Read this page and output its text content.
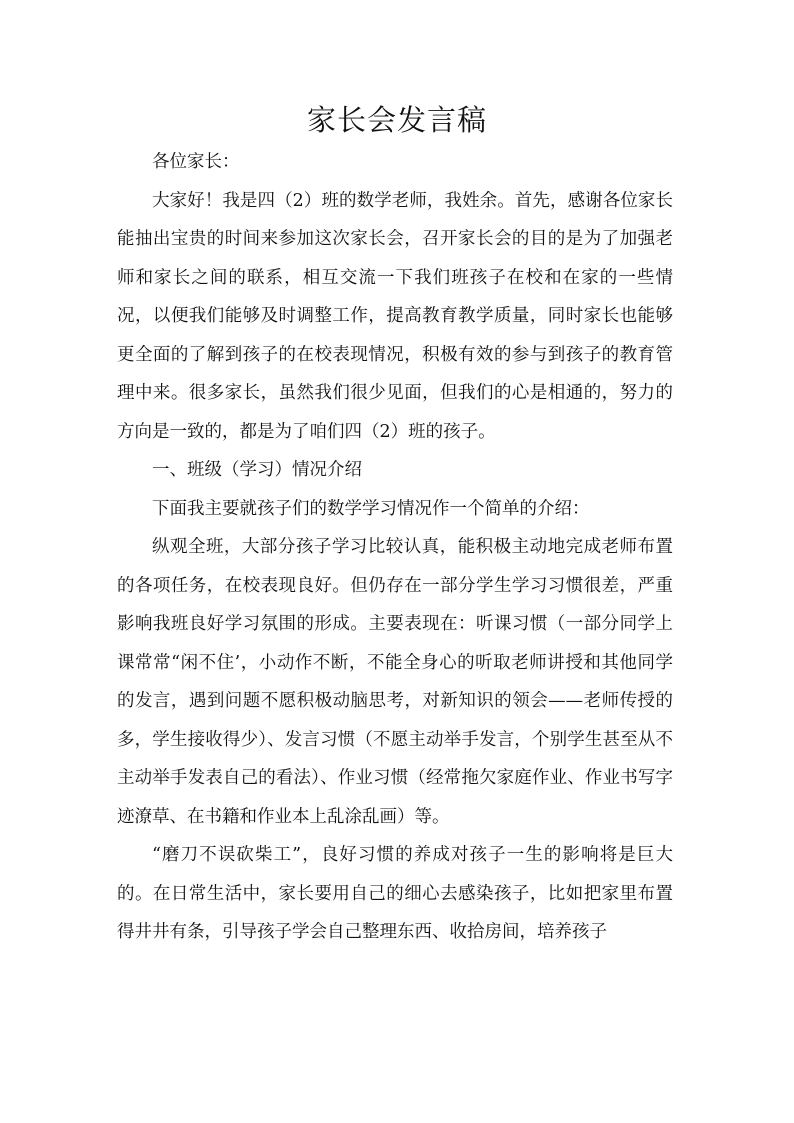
家长会发言稿

各位家长：

大家好！我是四（2）班的数学老师，我姓余。首先，感谢各位家长能抽出宝贵的时间来参加这次家长会，召开家长会的目的是为了加强老师和家长之间的联系，相互交流一下我们班孩子在校和在家的一些情况，以便我们能够及时调整工作，提高教育教学质量，同时家长也能够更全面的了解到孩子的在校表现情况，积极有效的参与到孩子的教育管理中来。很多家长，虽然我们很少见面，但我们的心是相通的，努力的方向是一致的，都是为了咱们四（2）班的孩子。

一、班级（学习）情况介绍

下面我主要就孩子们的数学学习情况作一个简单的介绍：

纵观全班，大部分孩子学习比较认真，能积极主动地完成老师布置的各项任务，在校表现良好。但仍存在一部分学生学习习惯很差，严重影响我班良好学习氛围的形成。主要表现在：听课习惯（一部分同学上课常常“闲不住’，小动作不断，不能全身心的听取老师讲授和其他同学的发言，遇到问题不愿积极动脑思考，对新知识的领会——老师传授的多，学生接收得少）、发言习惯（不愿主动举手发言，个别学生甚至从不主动举手发表自己的看法）、作业习惯（经常拖欠家庭作业、作业书写字迹潦草、在书籍和作业本上乱涂乱画）等。

“磨刀不误砍柴工”，良好习惯的养成对孩子一生的影响将是巨大的。在日常生活中，家长要用自己的细心去感染孩子，比如把家里布置得井井有条，引导孩子学会自己整理东西、收拾房间，培养孩子
